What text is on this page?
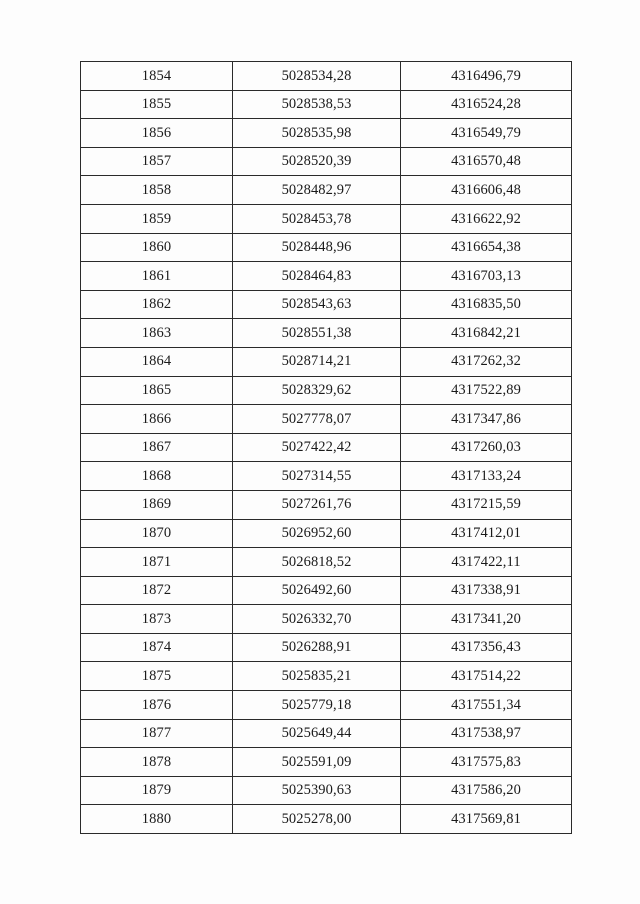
1854	5028534,28	4316496,79
1855	5028538,53	4316524,28
1856	5028535,98	4316549,79
1857	5028520,39	4316570,48
1858	5028482,97	4316606,48
1859	5028453,78	4316622,92
1860	5028448,96	4316654,38
1861	5028464,83	4316703,13
1862	5028543,63	4316835,50
1863	5028551,38	4316842,21
1864	5028714,21	4317262,32
1865	5028329,62	4317522,89
1866	5027778,07	4317347,86
1867	5027422,42	4317260,03
1868	5027314,55	4317133,24
1869	5027261,76	4317215,59
1870	5026952,60	4317412,01
1871	5026818,52	4317422,11
1872	5026492,60	4317338,91
1873	5026332,70	4317341,20
1874	5026288,91	4317356,43
1875	5025835,21	4317514,22
1876	5025779,18	4317551,34
1877	5025649,44	4317538,97
1878	5025591,09	4317575,83
1879	5025390,63	4317586,20
1880	5025278,00	4317569,81
